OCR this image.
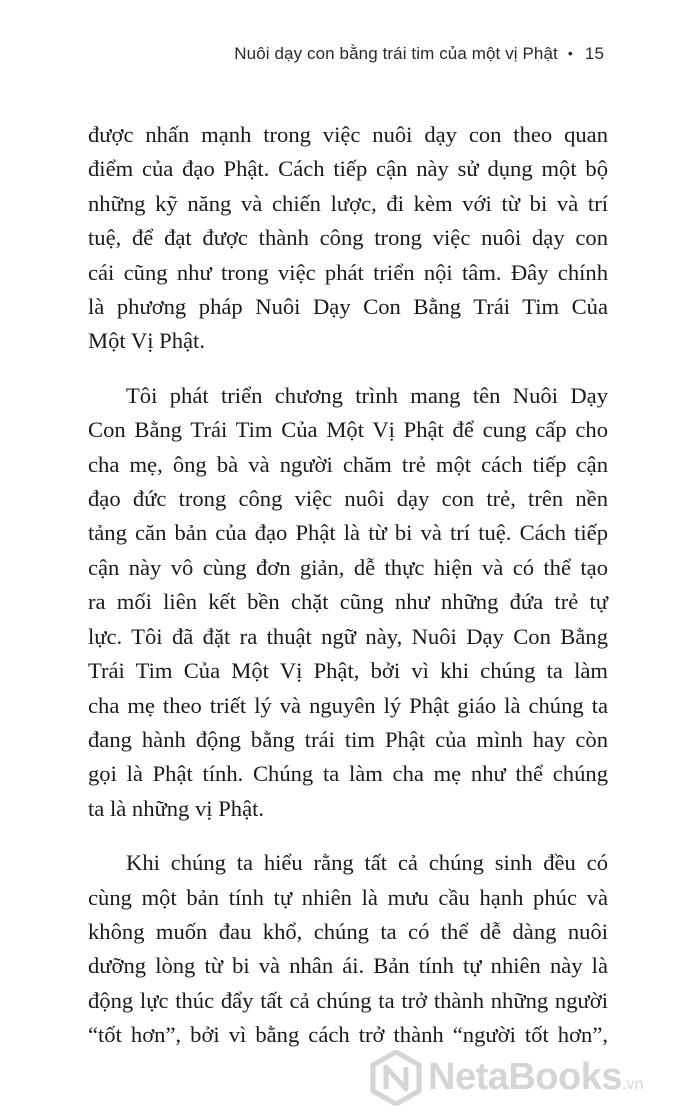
Nuôi dạy con bằng trái tim của một vị Phật • 15

được nhấn mạnh trong việc nuôi dạy con theo quan
điểm của đạo Phật. Cách tiếp cận này sử dụng một bộ
những kỹ năng và chiến lược, đi kèm với từ bi và trí
tuệ, để đạt được thành công trong việc nuôi dạy con
cái cũng như trong việc phát triển nội tâm. Đây chính
là phương pháp Nuôi Dạy Con Bằng Trái Tim Của
Một Vị Phật.

Tôi phát triển chương trình mang tên Nuôi Dạy
Con Bằng Trái Tim Của Một Vị Phật để cung cấp cho
cha mẹ, ông bà và người chăm trẻ một cách tiếp cận
đạo đức trong công việc nuôi dạy con trẻ, trên nền
tảng căn bản của đạo Phật là từ bi và trí tuệ. Cách tiếp
cận này vô cùng đơn giản, dễ thực hiện và có thể tạo
ra mối liên kết bền chặt cũng như những đứa trẻ tự
lực. Tôi đã đặt ra thuật ngữ này, Nuôi Dạy Con Bằng
Trái Tim Của Một Vị Phật, bởi vì khi chúng ta làm
cha mẹ theo triết lý và nguyên lý Phật giáo là chúng ta
đang hành động bằng trái tim Phật của mình hay còn
gọi là Phật tính. Chúng ta làm cha mẹ như thể chúng
ta là những vị Phật.

Khi chúng ta hiểu rằng tất cả chúng sinh đều có
cùng một bản tính tự nhiên là mưu cầu hạnh phúc và
không muốn đau khổ, chúng ta có thể dễ dàng nuôi
dưỡng lòng từ bi và nhân ái. Bản tính tự nhiên này là
động lực thúc đẩy tất cả chúng ta trở thành những người
“tốt hơn”, bởi vì bằng cách trở thành “người tốt hơn”,

NetaBooks.vn
